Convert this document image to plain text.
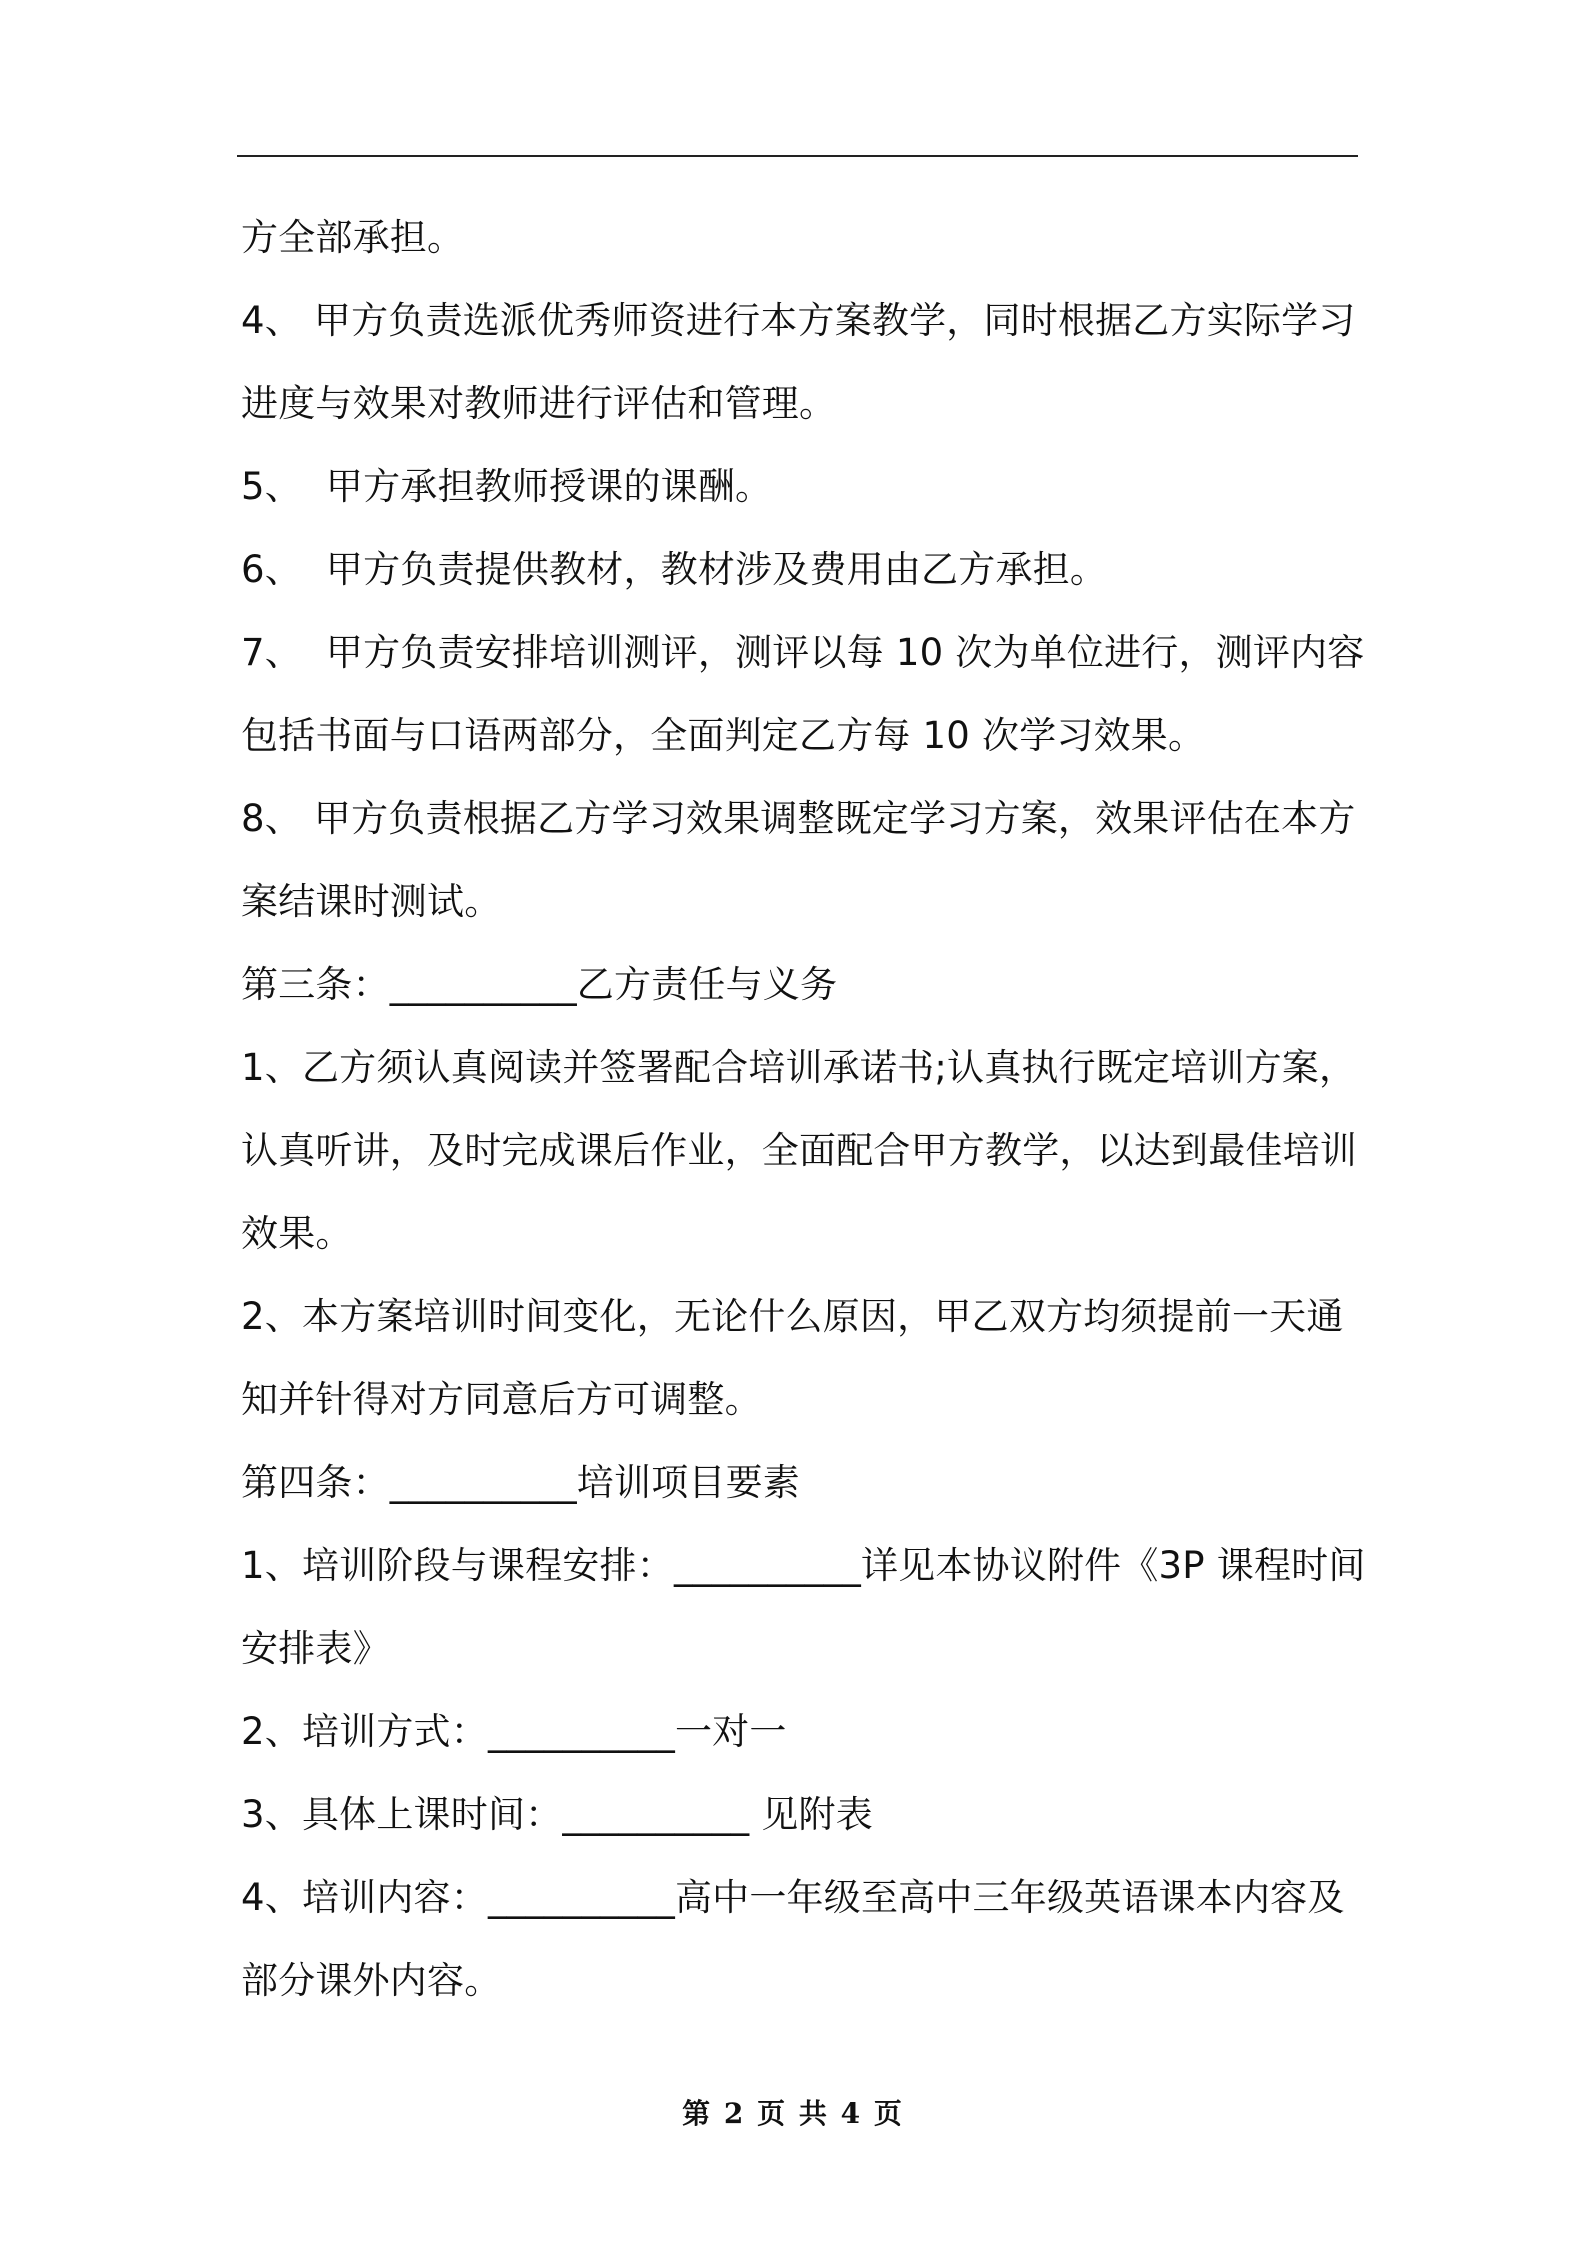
方全部承担。
4、 甲方负责选派优秀师资进行本方案教学，同时根据乙方实际学习
进度与效果对教师进行评估和管理。
5、  甲方承担教师授课的课酬。
6、  甲方负责提供教材，教材涉及费用由乙方承担。
7、  甲方负责安排培训测评，测评以每 10 次为单位进行，测评内容
包括书面与口语两部分，全面判定乙方每 10 次学习效果。
8、 甲方负责根据乙方学习效果调整既定学习方案，效果评估在本方
案结课时测试。
第三条：__________乙方责任与义务
1、乙方须认真阅读并签署配合培训承诺书;认真执行既定培训方案，
认真听讲，及时完成课后作业，全面配合甲方教学，以达到最佳培训
效果。
2、本方案培训时间变化，无论什么原因，甲乙双方均须提前一天通
知并针得对方同意后方可调整。
第四条：__________培训项目要素
1、培训阶段与课程安排：__________详见本协议附件《3P 课程时间
安排表》
2、培训方式：__________一对一
3、具体上课时间：__________ 见附表
4、培训内容：__________高中一年级至高中三年级英语课本内容及
部分课外内容。
第 2 页 共 4 页
